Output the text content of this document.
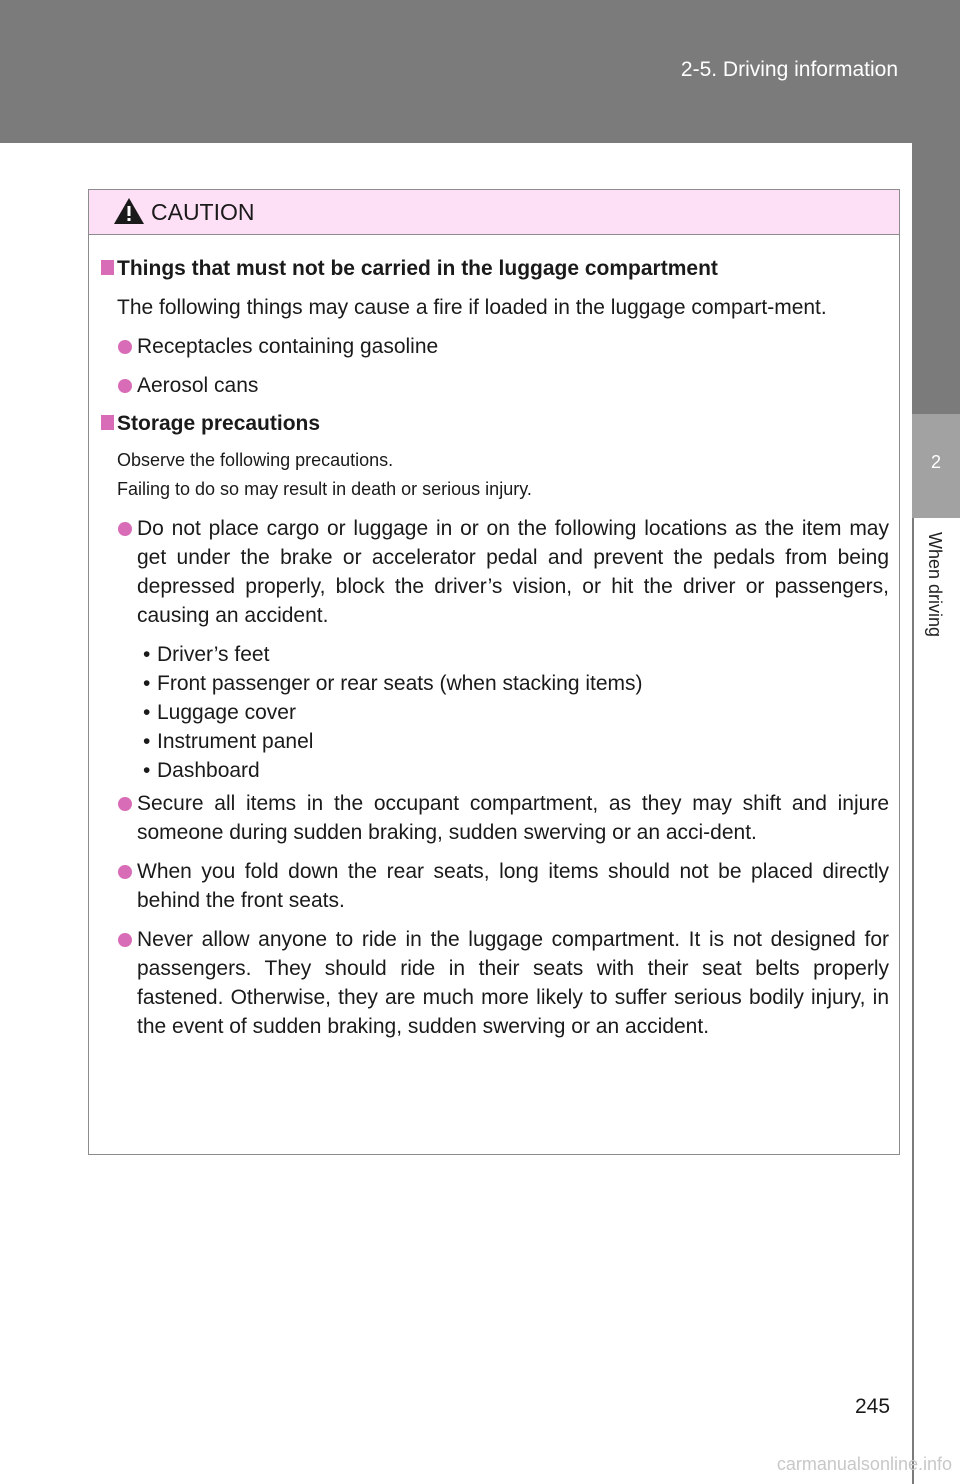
2-5. Driving information
2
When driving
CAUTION

Things that must not be carried in the luggage compartment

The following things may cause a fire if loaded in the luggage compart-ment.

Receptacles containing gasoline

Aerosol cans

Storage precautions

Observe the following precautions.

Failing to do so may result in death or serious injury.

Do not place cargo or luggage in or on the following locations as the item may get under the brake or accelerator pedal and prevent the pedals from being depressed properly, block the driver’s vision, or hit the driver or passengers, causing an accident.

• Driver’s feet

• Front passenger or rear seats (when stacking items)

• Luggage cover

• Instrument panel

• Dashboard

Secure all items in the occupant compartment, as they may shift and injure someone during sudden braking, sudden swerving or an acci-dent.

When you fold down the rear seats, long items should not be placed directly behind the front seats.

Never allow anyone to ride in the luggage compartment. It is not designed for passengers. They should ride in their seats with their seat belts properly fastened. Otherwise, they are much more likely to suffer serious bodily injury, in the event of sudden braking, sudden swerving or an accident.

245
carmanualsonline.info
